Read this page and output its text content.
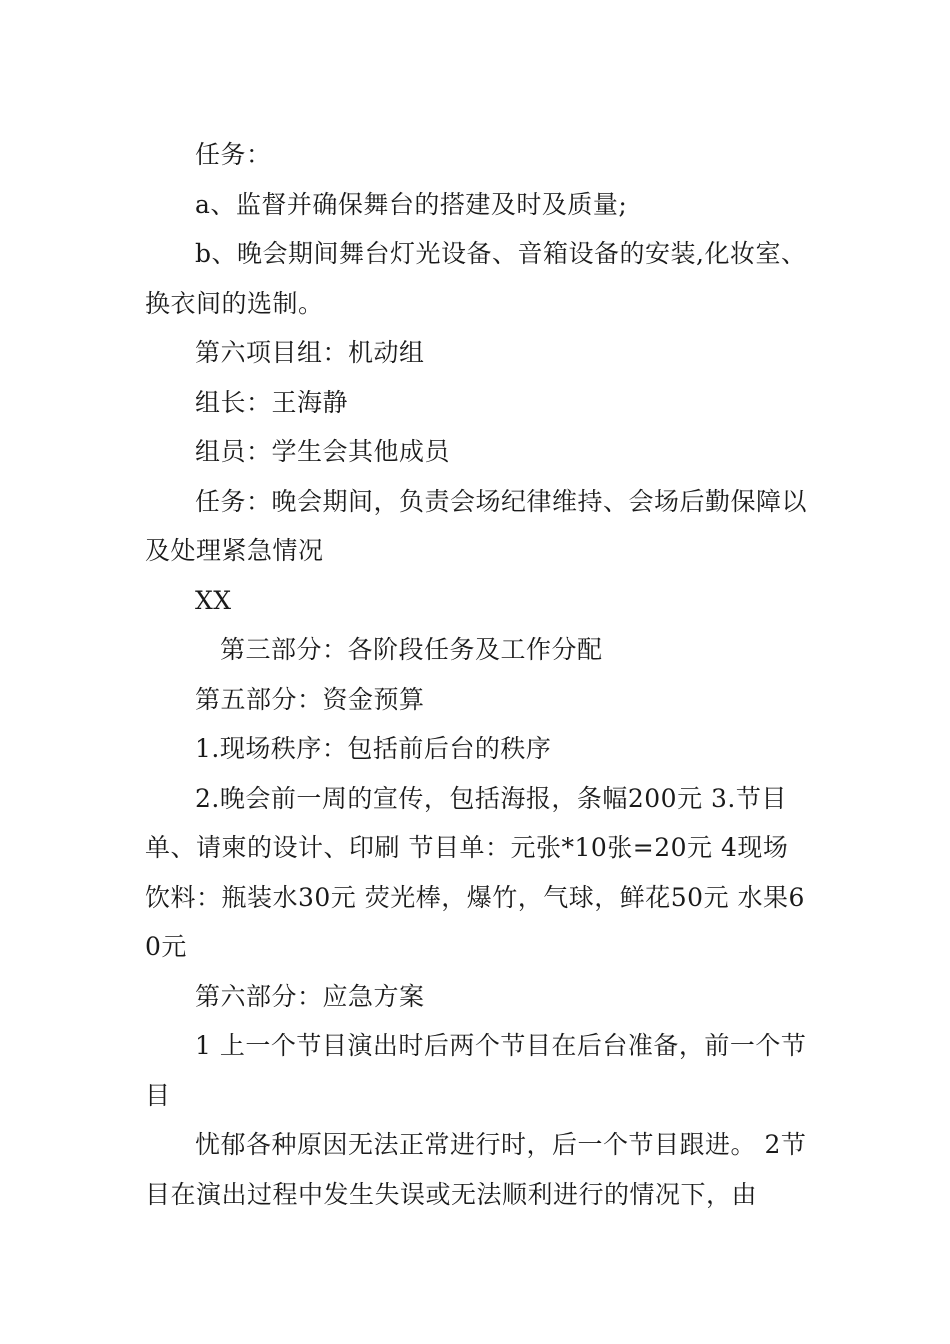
任务：

a、监督并确保舞台的搭建及时及质量;

b、晚会期间舞台灯光设备、音箱设备的安装,化妆室、换衣间的选制。

第六项目组：机动组

组长：王海静

组员：学生会其他成员

任务：晚会期间，负责会场纪律维持、会场后勤保障以及处理紧急情况

XX

第三部分：各阶段任务及工作分配

第五部分：资金预算

1.现场秩序：包括前后台的秩序

2.晚会前一周的宣传，包括海报，条幅200元 3.节目单、请柬的设计、印刷 节目单：元张*10张=20元 4现场饮料：瓶装水30元 荧光棒，爆竹，气球，鲜花50元 水果60元

第六部分：应急方案

1 上一个节目演出时后两个节目在后台准备，前一个节目

忧郁各种原因无法正常进行时，后一个节目跟进。 2节目在演出过程中发生失误或无法顺利进行的情况下，由
